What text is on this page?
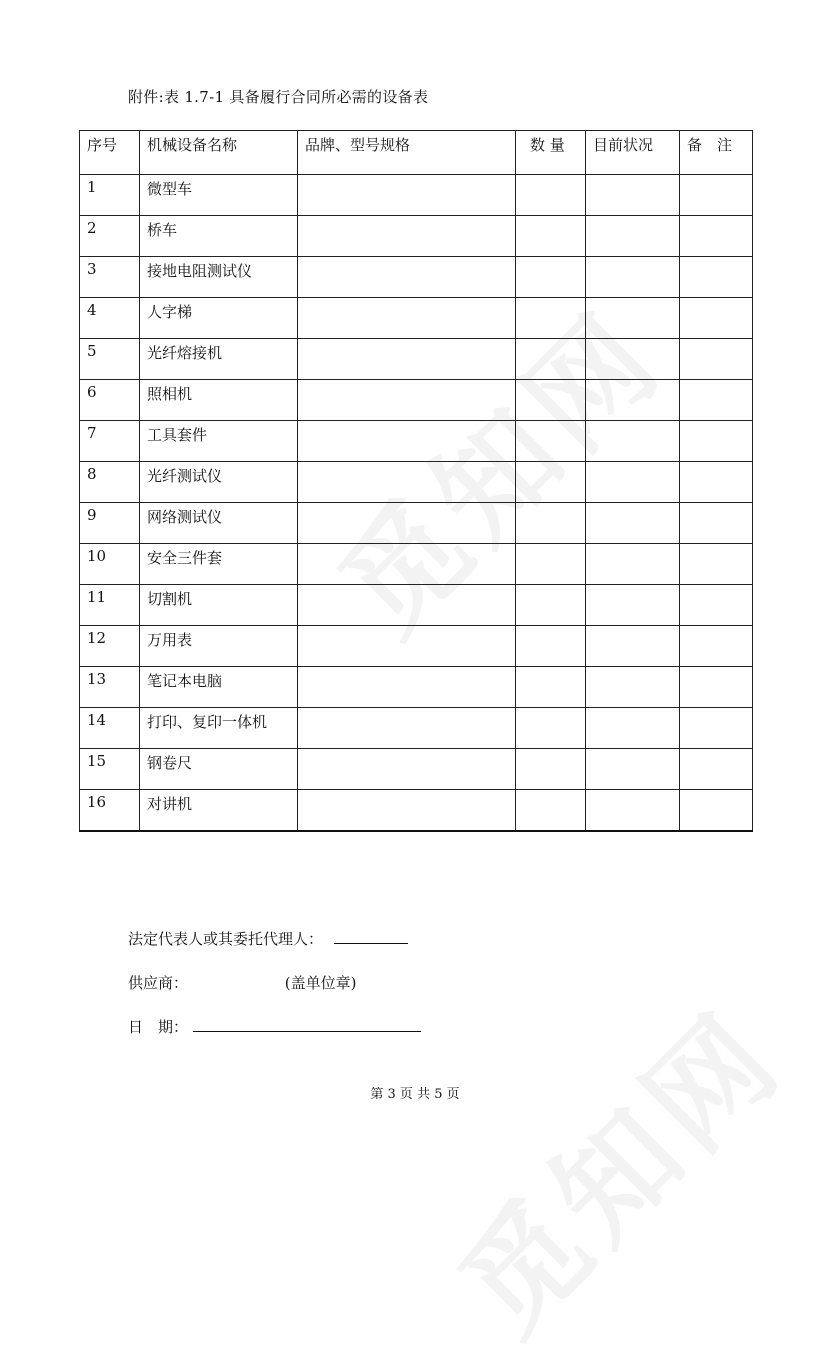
觅知网
觅知网
附件:表 1.7-1 具备履行合同所必需的设备表
序号	机械设备名称	品牌、型号规格	数 量	目前状况	备　注
1	微型车				
2	桥车				
3	接地电阻测试仪				
4	人字梯				
5	光纤熔接机				
6	照相机				
7	工具套件				
8	光纤测试仪				
9	网络测试仪				
10	安全三件套				
11	切割机				
12	万用表				
13	笔记本电脑				
14	打印、复印一体机				
15	钢卷尺				
16	对讲机				
法定代表人或其委托代理人：
供应商：	(盖单位章)
日　期：
第 3 页 共 5 页
